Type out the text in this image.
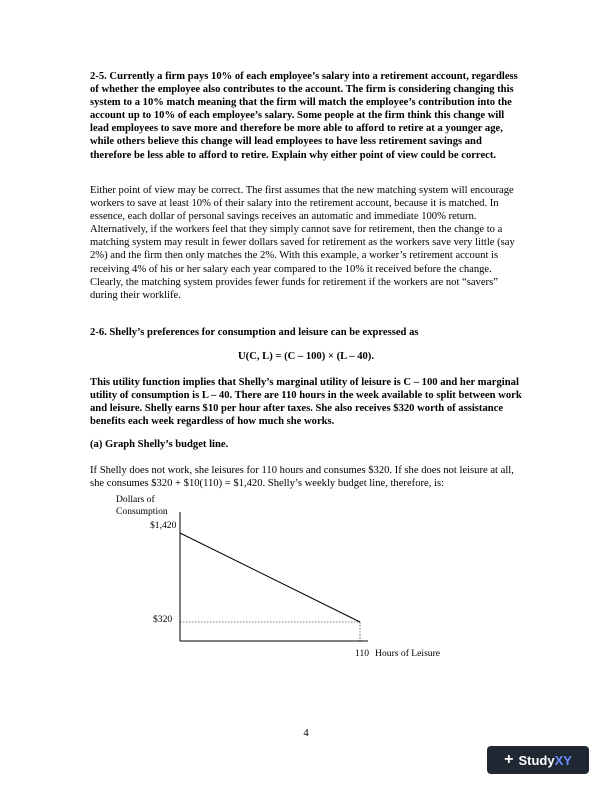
2-5. Currently a firm pays 10% of each employee’s salary into a retirement account, regardless of whether the employee also contributes to the account. The firm is considering changing this system to a 10% match meaning that the firm will match the employee’s contribution into the account up to 10% of each employee’s salary. Some people at the firm think this change will lead employees to save more and therefore be more able to afford to retire at a younger age, while others believe this change will lead employees to have less retirement savings and therefore be less able to afford to retire. Explain why either point of view could be correct.
Either point of view may be correct. The first assumes that the new matching system will encourage workers to save at least 10% of their salary into the retirement account, because it is matched. In essence, each dollar of personal savings receives an automatic and immediate 100% return. Alternatively, if the workers feel that they simply cannot save for retirement, then the change to a matching system may result in fewer dollars saved for retirement as the workers save very little (say 2%) and the firm then only matches the 2%. With this example, a worker’s retirement account is receiving 4% of his or her salary each year compared to the 10% it received before the change. Clearly, the matching system provides fewer funds for retirement if the workers are not “savers” during their worklife.
2-6. Shelly’s preferences for consumption and leisure can be expressed as
U(C, L) = (C – 100) × (L – 40).
This utility function implies that Shelly’s marginal utility of leisure is C – 100 and her marginal utility of consumption is L – 40. There are 110 hours in the week available to split between work and leisure. Shelly earns $10 per hour after taxes. She also receives $320 worth of assistance benefits each week regardless of how much she works.
(a) Graph Shelly’s budget line.
If Shelly does not work, she leisures for 110 hours and consumes $320. If she does not leisure at all, she consumes $320 + $10(110) = $1,420. Shelly’s weekly budget line, therefore, is:
Dollars of
Consumption
$1,420
$320
110 Hours of Leisure
4
+ Study XY
